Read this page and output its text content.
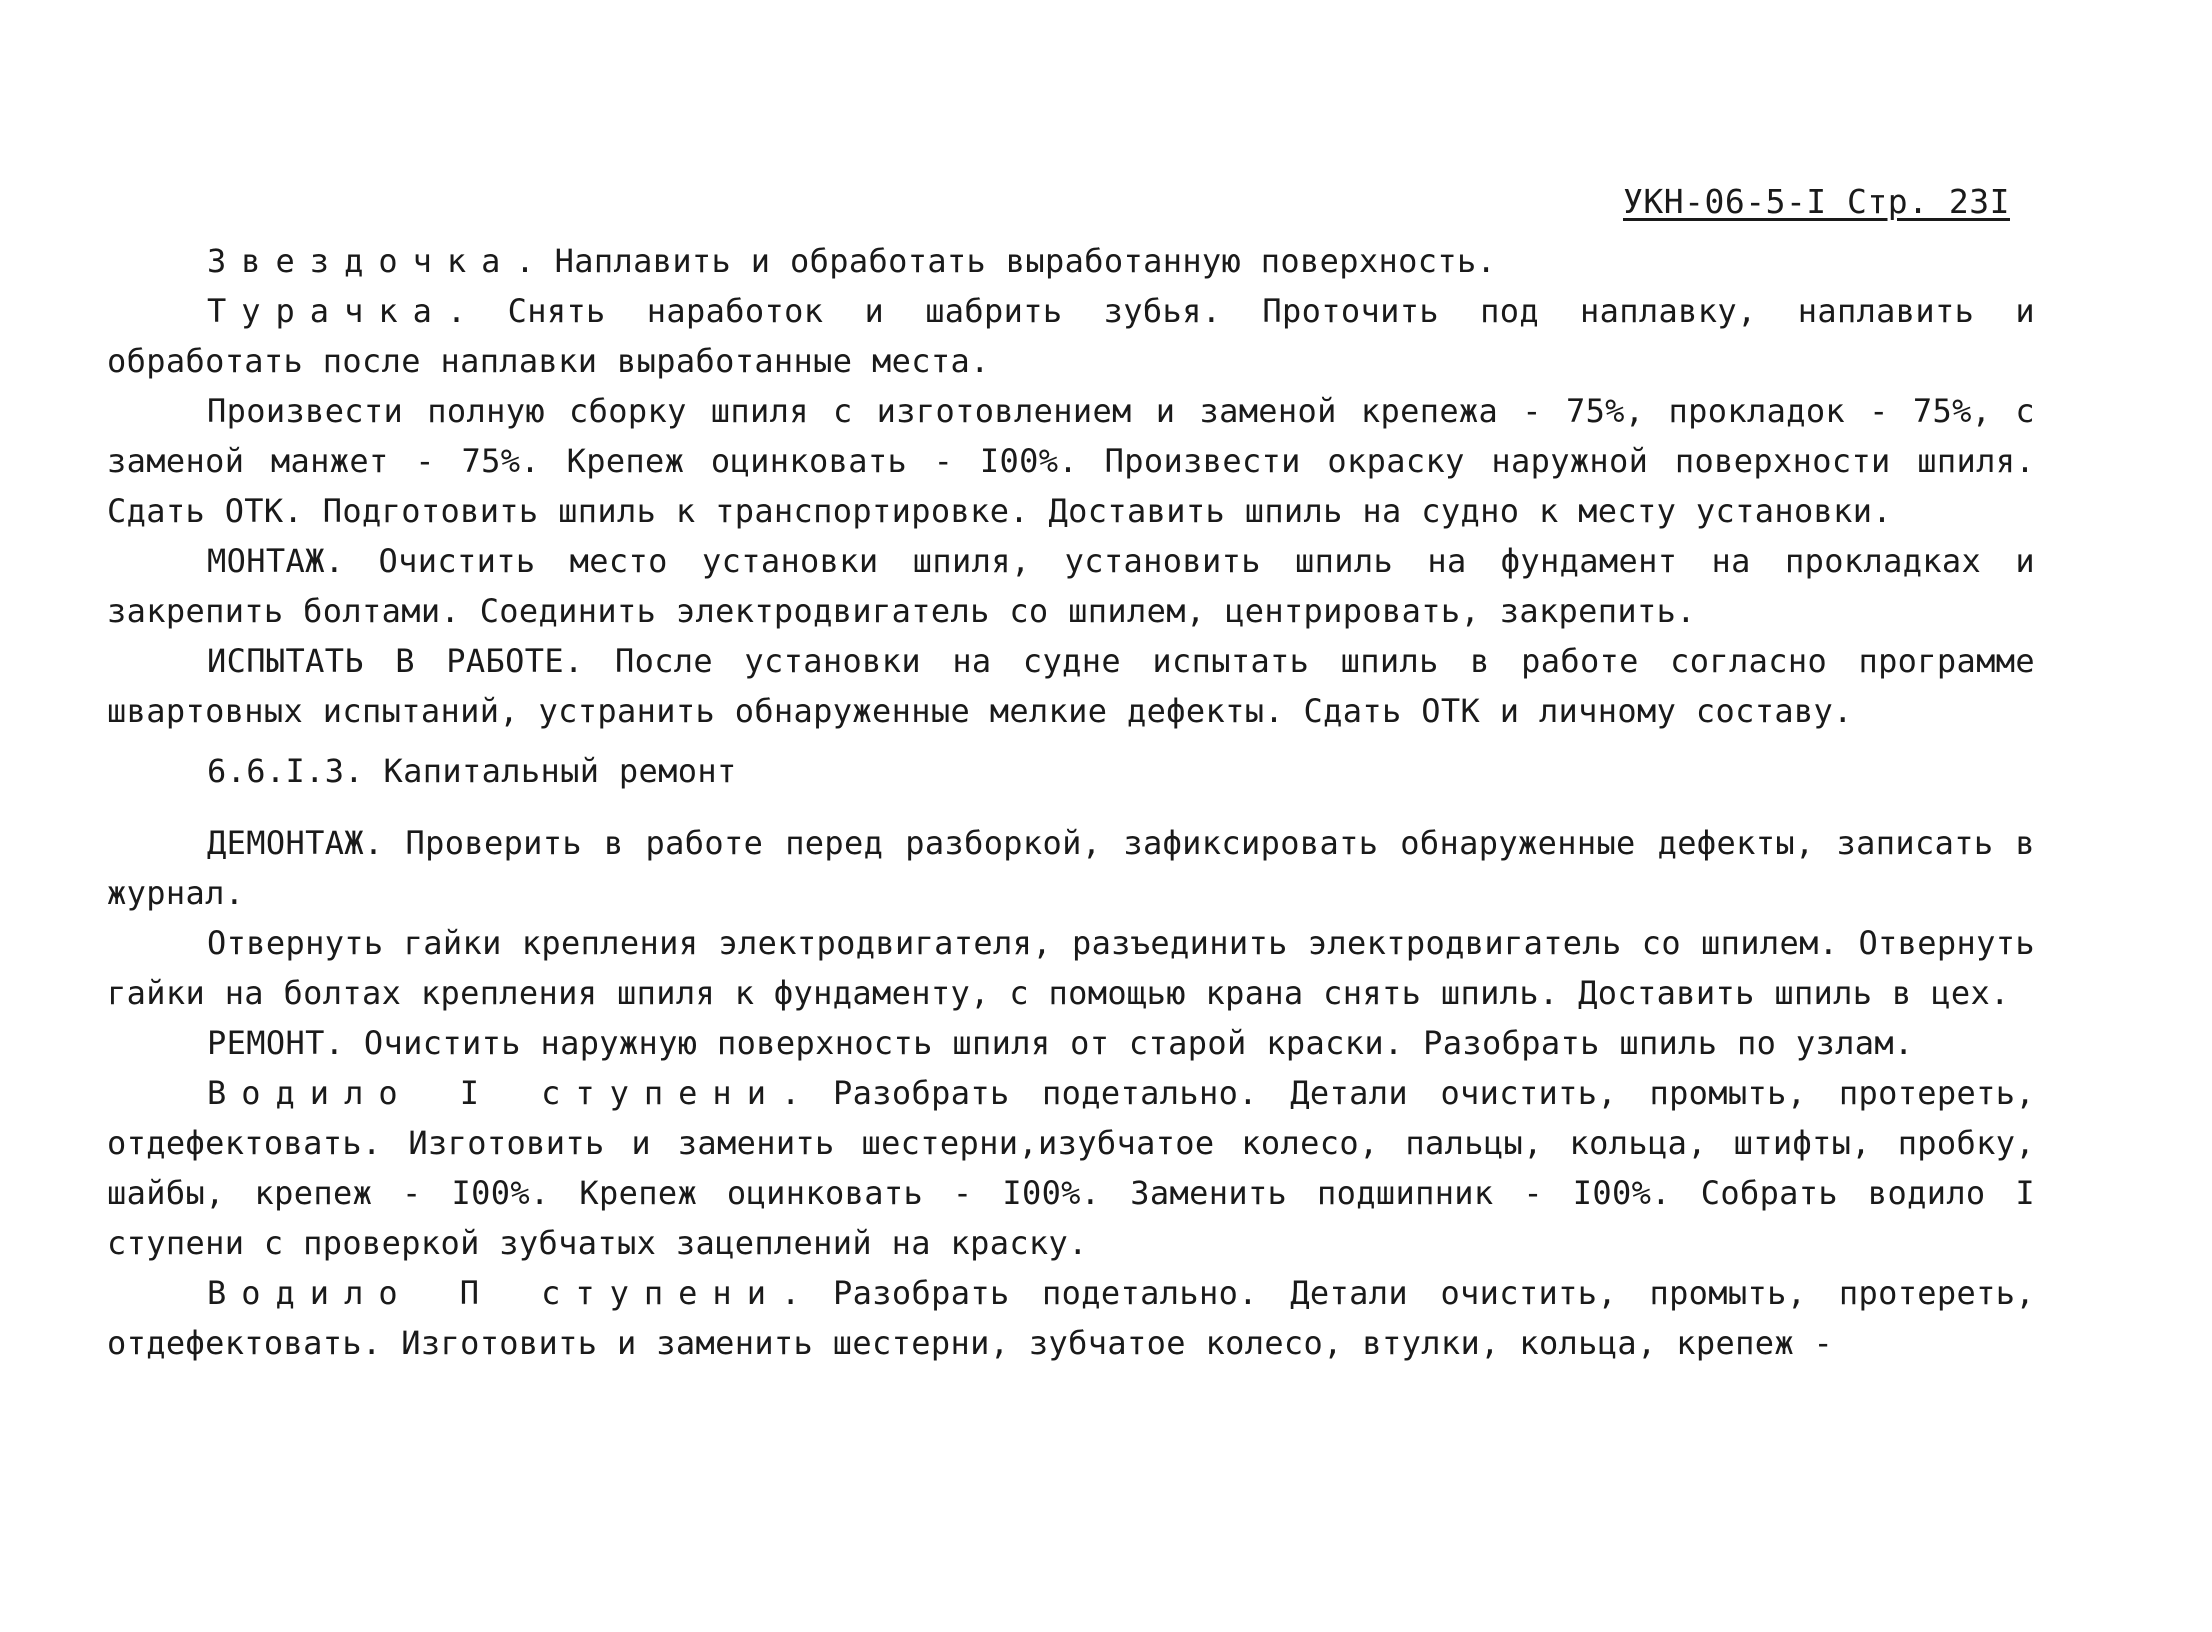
УКН-06-5-I Стр. 23I

Звездочка. Наплавить и обработать выработанную поверхность.

Турачка. Снять наработок и шабрить зубья. Проточить под наплавку, наплавить и обработать после наплавки выработанные места.

Произвести полную сборку шпиля с изготовлением и заменой крепежа - 75%, прокладок - 75%, с заменой манжет - 75%. Крепеж оцинковать - I00%. Произвести окраску наружной поверхности шпиля. Сдать ОТК. Подготовить шпиль к транспортировке. Доставить шпиль на судно к месту установки.

МОНТАЖ. Очистить место установки шпиля, установить шпиль на фундамент на прокладках и закрепить болтами. Соединить электродвигатель со шпилем, центрировать, закрепить.

ИСПЫТАТЬ В РАБОТЕ. После установки на судне испытать шпиль в работе согласно программе швартовных испытаний, устранить обнаруженные мелкие дефекты. Сдать ОТК и личному составу.

6.6.I.3. Капитальный ремонт

ДЕМОНТАЖ. Проверить в работе перед разборкой, зафиксировать обнаруженные дефекты, записать в журнал.

Отвернуть гайки крепления электродвигателя, разъединить электродвигатель со шпилем. Отвернуть гайки на болтах крепления шпиля к фундаменту, с помощью крана снять шпиль. Доставить шпиль в цех.

РЕМОНТ. Очистить наружную поверхность шпиля от старой краски. Разобрать шпиль по узлам.

Водило I ступени. Разобрать подетально. Детали очистить, промыть, протереть, отдефектовать. Изготовить и заменить шестерни,изубчатое колесо, пальцы, кольца, штифты, пробку, шайбы, крепеж - I00%. Крепеж оцинковать - I00%. Заменить подшипник - I00%. Собрать водило I ступени с проверкой зубчатых зацеплений на краску.

Водило П ступени. Разобрать подетально. Детали очистить, промыть, протереть, отдефектовать. Изготовить и заменить шестерни, зубчатое колесо, втулки, кольца, крепеж -
